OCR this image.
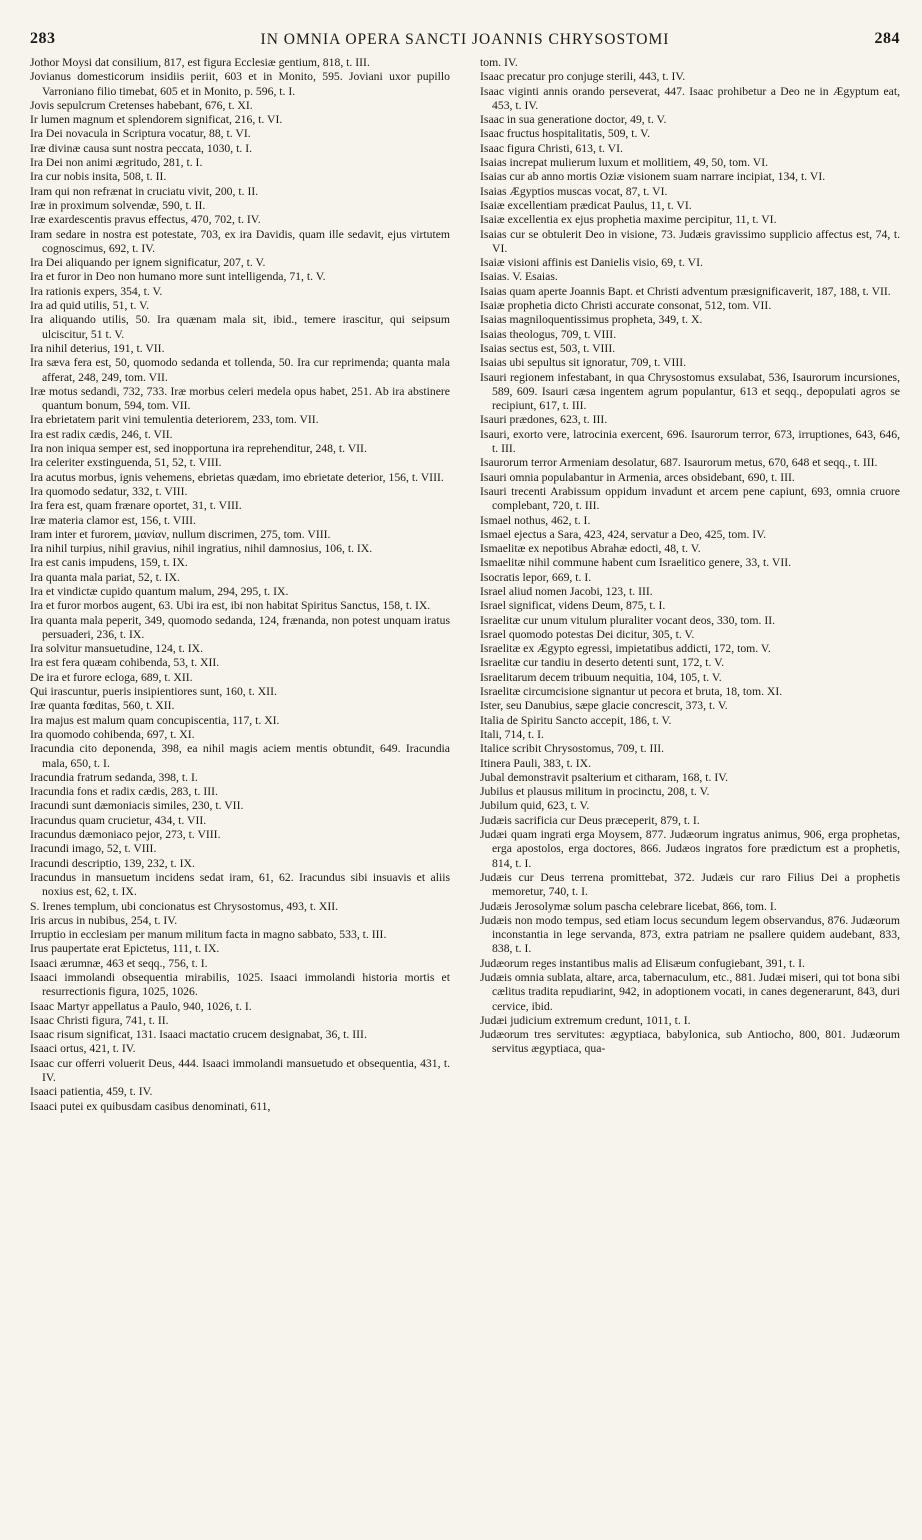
283	IN OMNIA OPERA SANCTI JOANNIS CHRYSOSTOMI	284

Jothor Moysi dat consilium, 817, est figura Ecclesiæ gentium, 818, t. III.

Jovianus domesticorum insidiis periit, 603 et in Monito, 595. Joviani uxor pupillo Varroniano filio timebat, 605 et in Monito, p. 596, t. I.

Jovis sepulcrum Cretenses habebant, 676, t. XI.

Ir lumen magnum et splendorem significat, 216, t. VI.

Ira Dei novacula in Scriptura vocatur, 88, t. VI.

Iræ divinæ causa sunt nostra peccata, 1030, t. I.

Ira Dei non animi ægritudo, 281, t. I.

Ira cur nobis insita, 508, t. II.

Iram qui non refrænat in cruciatu vivit, 200, t. II.

Iræ in proximum solvendæ, 590, t. II.

Iræ exardescentis pravus effectus, 470, 702, t. IV.

Iram sedare in nostra est potestate, 703, ex ira Davidis, quam ille sedavit, ejus virtutem cognoscimus, 692, t. IV.

Ira Dei aliquando per ignem significatur, 207, t. V.

Ira et furor in Deo non humano more sunt intelligenda, 71, t. V.

Ira rationis expers, 354, t. V.

Ira ad quid utilis, 51, t. V.

Ira aliquando utilis, 50. Ira quænam mala sit, ibid., temere irascitur, qui seipsum ulciscitur, 51 t. V.

Ira nihil deterius, 191, t. VII.

Ira sæva fera est, 50, quomodo sedanda et tollenda, 50. Ira cur reprimenda; quanta mala afferat, 248, 249, tom. VII.

Iræ motus sedandi, 732, 733. Iræ morbus celeri medela opus habet, 251. Ab ira abstinere quantum bonum, 594, tom. VII.

Ira ebrietatem parit vini temulentia deteriorem, 233, tom. VII.

Ira est radix cædis, 246, t. VII.

Ira non iniqua semper est, sed inopportuna ira reprehenditur, 248, t. VII.

Ira celeriter exstinguenda, 51, 52, t. VIII.

Ira acutus morbus, ignis vehemens, ebrietas quædam, imo ebrietate deterior, 156, t. VIII.

Ira quomodo sedatur, 332, t. VIII.

Ira fera est, quam frænare oportet, 31, t. VIII.

Iræ materia clamor est, 156, t. VIII.

Iram inter et furorem, μανίαν, nullum discrimen, 275, tom. VIII.

Ira nihil turpius, nihil gravius, nihil ingratius, nihil damnosius, 106, t. IX.

Ira est canis impudens, 159, t. IX.

Ira quanta mala pariat, 52, t. IX.

Ira et vindictæ cupido quantum malum, 294, 295, t. IX.

Ira et furor morbos augent, 63. Ubi ira est, ibi non habitat Spiritus Sanctus, 158, t. IX.

Ira quanta mala peperit, 349, quomodo sedanda, 124, frænanda, non potest unquam iratus persuaderi, 236, t. IX.

Ira solvitur mansuetudine, 124, t. IX.

Ira est fera quæam cohibenda, 53, t. XII.

De ira et furore ecloga, 689, t. XII.

Qui irascuntur, pueris insipientiores sunt, 160, t. XII.

Iræ quanta fœditas, 560, t. XII.

Ira majus est malum quam concupiscentia, 117, t. XI.

Ira quomodo cohibenda, 697, t. XI.

Iracundia cito deponenda, 398, ea nihil magis aciem mentis obtundit, 649. Iracundia mala, 650, t. I.

Iracundia fratrum sedanda, 398, t. I.

Iracundia fons et radix cædis, 283, t. III.

Iracundi sunt dæmoniacis similes, 230, t. VII.

Iracundus quam crucietur, 434, t. VII.

Iracundus dæmoniaco pejor, 273, t. VIII.

Iracundi imago, 52, t. VIII.

Iracundi descriptio, 139, 232, t. IX.

Iracundus in mansuetum incidens sedat iram, 61, 62. Iracundus sibi insuavis et aliis noxius est, 62, t. IX.

S. Irenes templum, ubi concionatus est Chrysostomus, 493, t. XII.

Iris arcus in nubibus, 254, t. IV.

Irruptio in ecclesiam per manum militum facta in magno sabbato, 533, t. III.

Irus paupertate erat Epictetus, 111, t. IX.

Isaaci ærumnæ, 463 et seqq., 756, t. I.

Isaaci immolandi obsequentia mirabilis, 1025. Isaaci immolandi historia mortis et resurrectionis figura, 1025, 1026.

Isaac Martyr appellatus a Paulo, 940, 1026, t. I.

Isaac Christi figura, 741, t. II.

Isaac risum significat, 131. Isaaci mactatio crucem designabat, 36, t. III.

Isaaci ortus, 421, t. IV.

Isaac cur offerri voluerit Deus, 444. Isaaci immolandi mansuetudo et obsequentia, 431, t. IV.

Isaaci patientia, 459, t. IV.

Isaaci putei ex quibusdam casibus denominati, 611,

tom. IV.

Isaac precatur pro conjuge sterili, 443, t. IV.

Isaac viginti annis orando perseverat, 447. Isaac prohibetur a Deo ne in Ægyptum eat, 453, t. IV.

Isaac in sua generatione doctor, 49, t. V.

Isaac fructus hospitalitatis, 509, t. V.

Isaac figura Christi, 613, t. VI.

Isaias increpat mulierum luxum et mollitiem, 49, 50, tom. VI.

Isaias cur ab anno mortis Oziæ visionem suam narrare incipiat, 134, t. VI.

Isaias Ægyptios muscas vocat, 87, t. VI.

Isaiæ excellentiam prædicat Paulus, 11, t. VI.

Isaiæ excellentia ex ejus prophetia maxime percipitur, 11, t. VI.

Isaias cur se obtulerit Deo in visione, 73. Judæis gravissimo supplicio affectus est, 74, t. VI.

Isaiæ visioni affinis est Danielis visio, 69, t. VI.

Isaias. V. Esaias.

Isaias quam aperte Joannis Bapt. et Christi adventum præsignificaverit, 187, 188, t. VII.

Isaiæ prophetia dicto Christi accurate consonat, 512, tom. VII.

Isaias magniloquentissimus propheta, 349, t. X.

Isaias theologus, 709, t. VIII.

Isaias sectus est, 503, t. VIII.

Isaias ubi sepultus sit ignoratur, 709, t. VIII.

Isauri regionem infestabant, in qua Chrysostomus exsulabat, 536, Isaurorum incursiones, 589, 609. Isauri cæsa ingentem agrum populantur, 613 et seqq., depopulati agros se recipiunt, 617, t. III.

Isauri prædones, 623, t. III.

Isauri, exorto vere, latrocinia exercent, 696. Isaurorum terror, 673, irruptiones, 643, 646, t. III.

Isaurorum terror Armeniam desolatur, 687. Isaurorum metus, 670, 648 et seqq., t. III.

Isauri omnia populabantur in Armenia, arces obsidebant, 690, t. III.

Isauri trecenti Arabissum oppidum invadunt et arcem pene capiunt, 693, omnia cruore complebant, 720, t. III.

Ismael nothus, 462, t. I.

Ismael ejectus a Sara, 423, 424, servatur a Deo, 425, tom. IV.

Ismaelitæ ex nepotibus Abrahæ edocti, 48, t. V.

Ismaelitæ nihil commune habent cum Israelitico genere, 33, t. VII.

Isocratis lepor, 669, t. I.

Israel aliud nomen Jacobi, 123, t. III.

Israel significat, videns Deum, 875, t. I.

Israelitæ cur unum vitulum pluraliter vocant deos, 330, tom. II.

Israel quomodo potestas Dei dicitur, 305, t. V.

Israelitæ ex Ægypto egressi, impietatibus addicti, 172, tom. V.

Israelitæ cur tandiu in deserto detenti sunt, 172, t. V.

Israelitarum decem tribuum nequitia, 104, 105, t. V.

Israelitæ circumcisione signantur ut pecora et bruta, 18, tom. XI.

Ister, seu Danubius, sæpe glacie concrescit, 373, t. V.

Italia de Spiritu Sancto accepit, 186, t. V.

Itali, 714, t. I.

Italice scribit Chrysostomus, 709, t. III.

Itinera Pauli, 383, t. IX.

Jubal demonstravit psalterium et citharam, 168, t. IV.

Jubilus et plausus militum in procinctu, 208, t. V.

Jubilum quid, 623, t. V.

Judæis sacrificia cur Deus præceperit, 879, t. I.

Judæi quam ingrati erga Moysem, 877. Judæorum ingratus animus, 906, erga prophetas, erga apostolos, erga doctores, 866. Judæos ingratos fore prædictum est a prophetis, 814, t. I.

Judæis cur Deus terrena promittebat, 372. Judæis cur raro Filius Dei a prophetis memoretur, 740, t. I.

Judæis Jerosolymæ solum pascha celebrare licebat, 866, tom. I.

Judæis non modo tempus, sed etiam locus secundum legem observandus, 876. Judæorum inconstantia in lege servanda, 873, extra patriam ne psallere quidem audebant, 833, 838, t. I.

Judæorum reges instantibus malis ad Elisæum confugiebant, 391, t. I.

Judæis omnia sublata, altare, arca, tabernaculum, etc., 881. Judæi miseri, qui tot bona sibi cælitus tradita repudiarint, 942, in adoptionem vocati, in canes degenerarunt, 843, duri cervice, ibid.

Judæi judicium extremum credunt, 1011, t. I.

Judæorum tres servitutes: ægyptiaca, babylonica, sub Antiocho, 800, 801. Judæorum servitus ægyptiaca, qua-
